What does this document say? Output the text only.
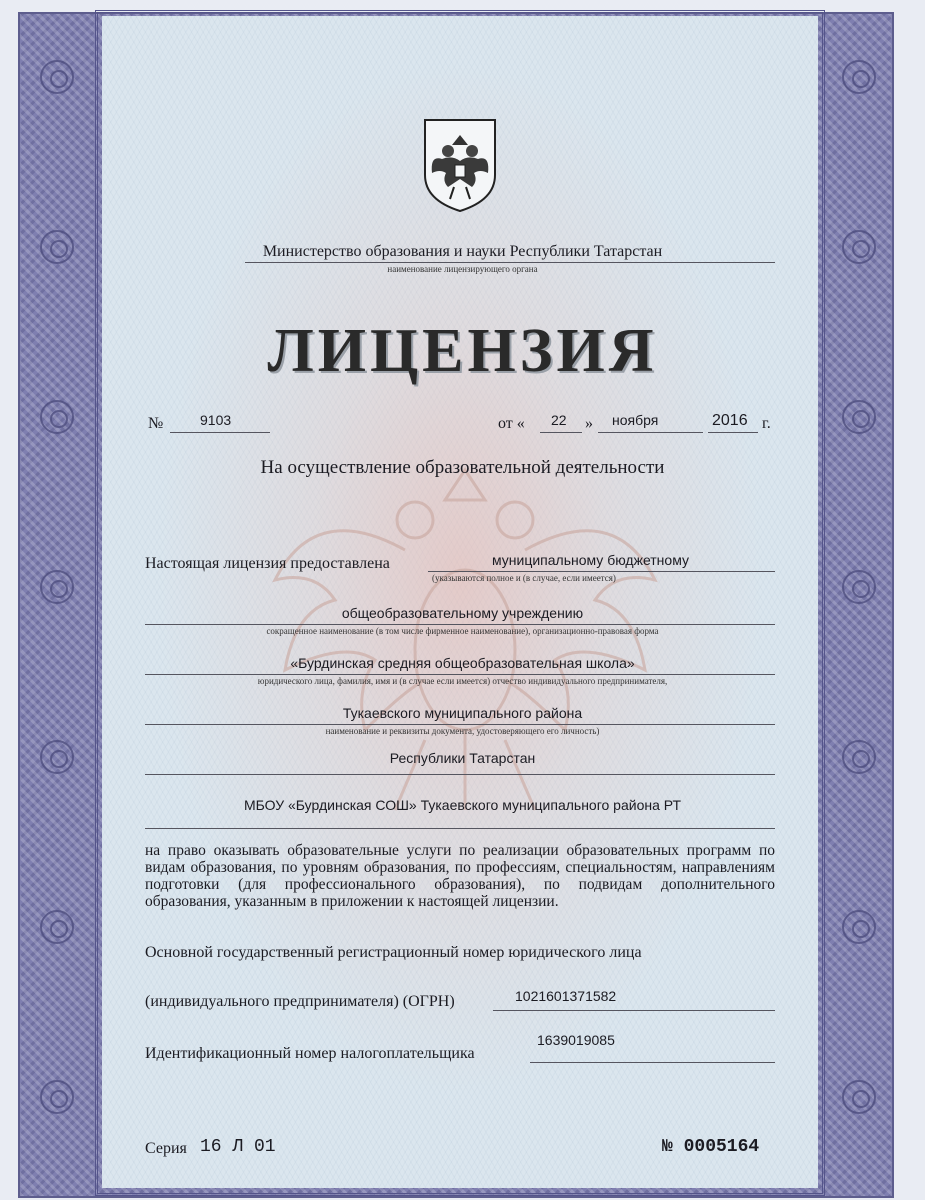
Министерство образования и науки Республики Татарстан
наименование лицензирующего органа
ЛИЦЕНЗИЯ
№	9103	от « 22 » ноября	2016 г.
На осуществление образовательной деятельности
Настоящая лицензия предоставлена	муниципальному бюджетному
(указываются полное и (в случае, если имеется)
общеобразовательному учреждению
сокращенное наименование (в том числе фирменное наименование), организационно-правовая форма
«Бурдинская средняя общеобразовательная школа»
юридического лица, фамилия, имя и (в случае если имеется) отчество индивидуального предпринимателя,
Тукаевского муниципального района
наименование и реквизиты документа, удостоверяющего его личность)
Республики Татарстан
МБОУ «Бурдинская СОШ» Тукаевского муниципального района РТ
на право оказывать образовательные услуги по реализации образовательных программ по видам образования, по уровням образования, по профессиям, специальностям, направлениям подготовки (для профессионального образования), по подвидам дополнительного образования, указанным в приложении к настоящей лицензии.
Основной государственный регистрационный номер юридического лица
(индивидуального предпринимателя) (ОГРН)	1021601371582
Идентификационный номер налогоплательщика
1639019085
Серия 16 Л 01	№ 0005164
